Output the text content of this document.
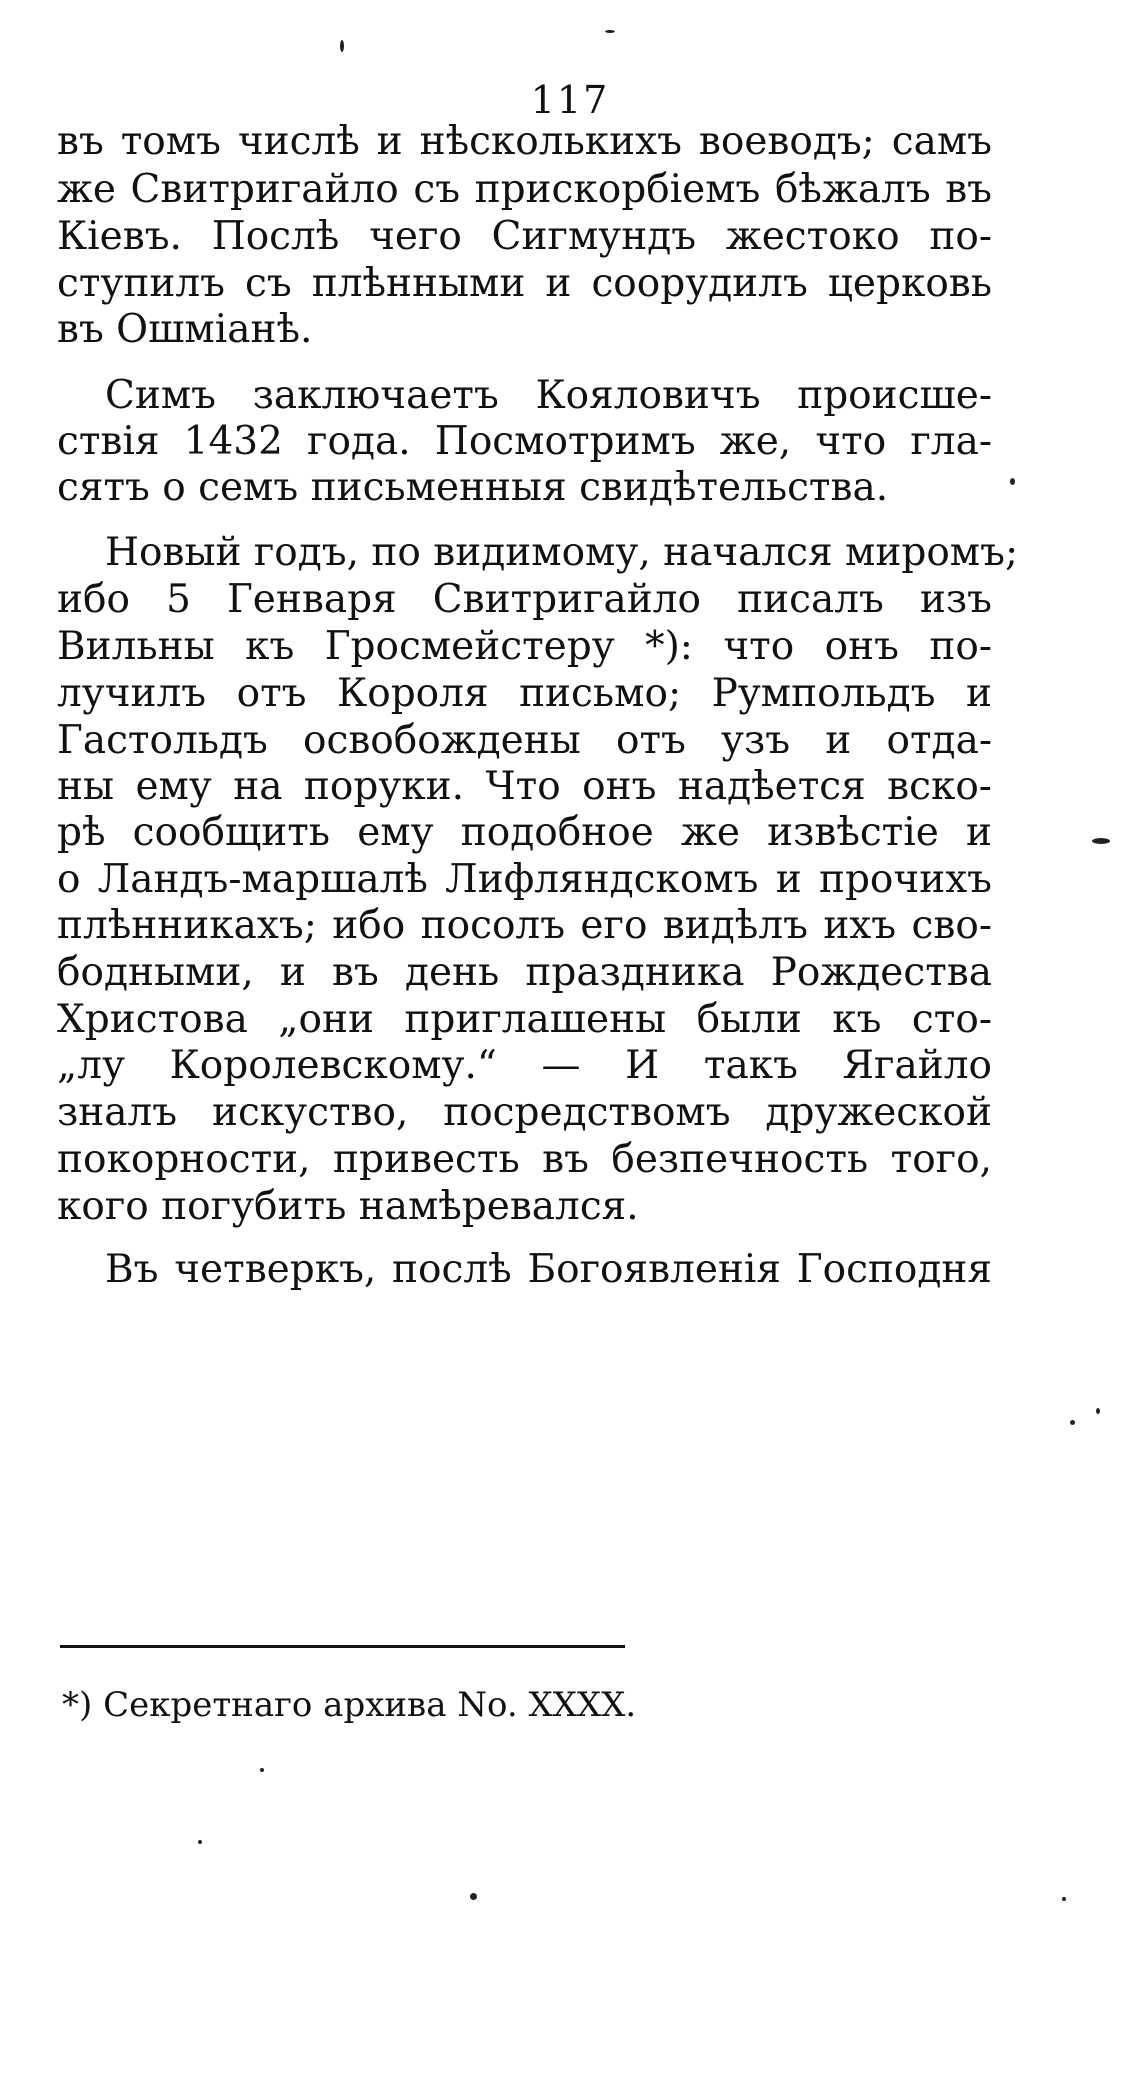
117
въ томъ числѣ и нѣсколькихъ воеводъ; самъ
же Свитригайло съ прискорбіемъ бѣжалъ въ
Кіевъ. Послѣ чего Сигмундъ жестоко по-
ступилъ съ плѣнными и соорудилъ церковь
въ Ошміанѣ.
Симъ заключаетъ Кояловичъ происше-
ствія 1432 года. Посмотримъ же, что гла-
сятъ о семъ письменныя свидѣтельства.
Новый годъ, по видимому, начался миромъ;
ибо 5 Генваря Свитригайло писалъ изъ
Вильны къ Гросмейстеру *): что онъ по-
лучилъ отъ Короля письмо; Румпольдъ и
Гастольдъ освобождены отъ узъ и отда-
ны ему на поруки. Что онъ надѣется вско-
рѣ сообщить ему подобное же извѣстіе и
о Ландъ-маршалѣ Лифляндскомъ и прочихъ
плѣнникахъ; ибо посолъ его видѣлъ ихъ сво-
бодными, и въ день праздника Рождества
Христова „они приглашены были къ сто-
„лу Королевскому.“ — И такъ Ягайло
зналъ искуство, посредствомъ дружеской
покорности, привесть въ безпечность того,
кого погубить намѣревался.
Въ четверкъ, послѣ Богоявленія Господня
*) Секретнаго архива No. XXXX.
